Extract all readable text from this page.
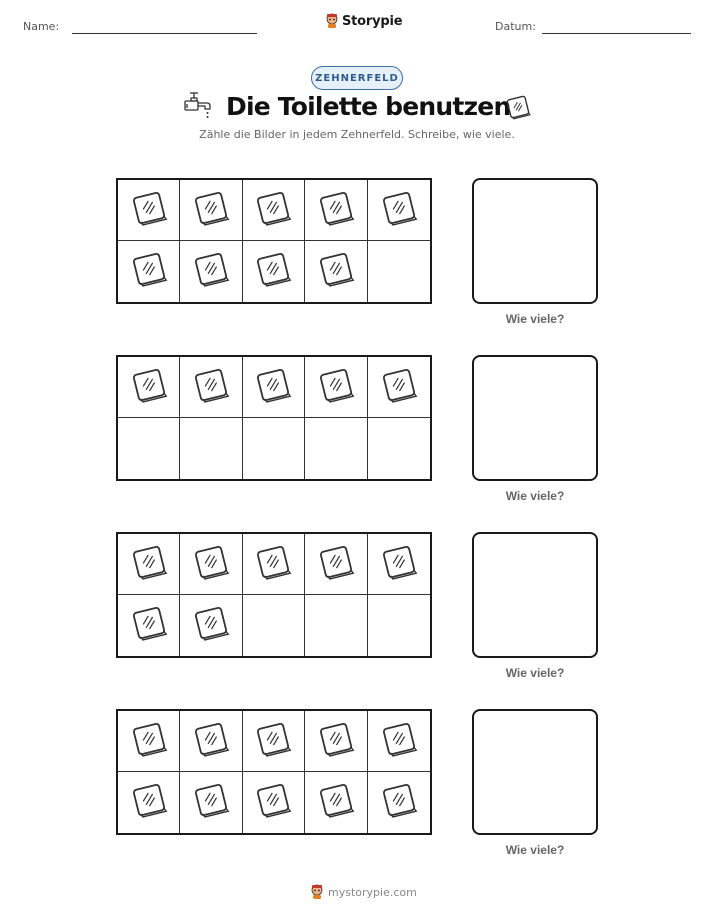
Name:	Storypie	Datum:
ZEHNERFELD
Die Toilette benutzen
Zähle die Bilder in jedem Zehnerfeld. Schreibe, wie viele.
Wie viele?
Wie viele?
Wie viele?
Wie viele?
mystorypie.com
